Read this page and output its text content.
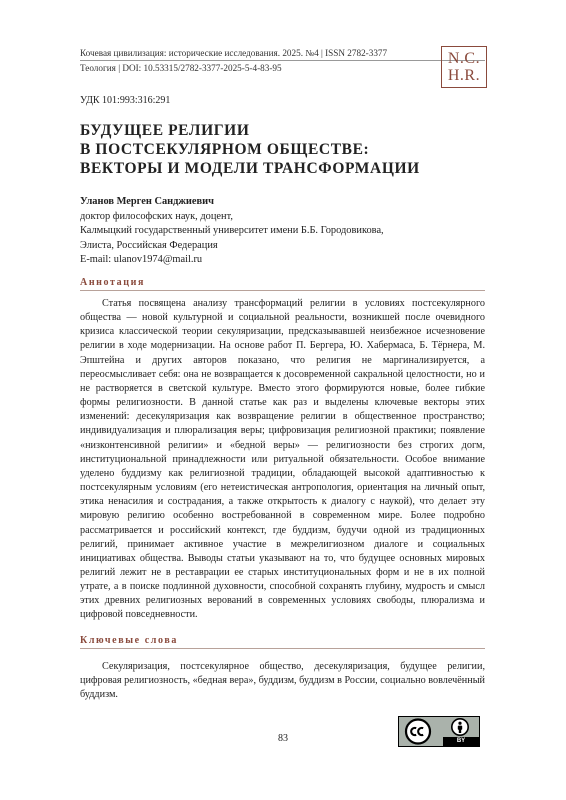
Кочевая цивилизация: исторические исследования. 2025. №4 | ISSN 2782-3377
Теология | DOI: 10.53315/2782-3377-2025-5-4-83-95
N.C.
H.R.
УДК 101:993:316:291
БУДУЩЕЕ РЕЛИГИИ
В ПОСТСЕКУЛЯРНОМ ОБЩЕСТВЕ:
ВЕКТОРЫ И МОДЕЛИ ТРАНСФОРМАЦИИ
Уланов Мерген Санджиевич
доктор философских наук, доцент,
Калмыцкий государственный университет имени Б.Б. Городовикова,
Элиста, Российская Федерация
E-mail: ulanov1974@mail.ru
Аннотация

Статья посвящена анализу трансформаций религии в условиях постсекулярного общества — новой культурной и социальной реальности, возникшей после очевидного кризиса классической теории секуляризации, предсказывавшей неизбежное исчезновение религии в ходе модернизации. На основе работ П. Бергера, Ю. Хабермаса, Б. Тёрнера, М. Эпштейна и других авторов показано, что религия не маргинализируется, а переосмысливает себя: она не возвращается к досовременной сакральной целостности, но и не растворяется в светской культуре. Вместо этого формируются новые, более гибкие формы религиозности. В данной статье как раз и выделены ключевые векторы этих изменений: десекуляризация как возвращение религии в общественное пространство; индивидуализация и плюрализация веры; цифровизация религиозной практики; появление «низконтенсивной религии» и «бедной веры» — религиозности без строгих догм, институциональной принадлежности или ритуальной обязательности. Особое внимание уделено буддизму как религиозной традиции, обладающей высокой адаптивностью к постсекулярным условиям (его нетеистическая антропология, ориентация на личный опыт, этика ненасилия и сострадания, а также открытость к диалогу с наукой), что делает эту мировую религию особенно востребованной в современном мире. Более подробно рассматривается и российский контекст, где буддизм, будучи одной из традиционных религий, принимает активное участие в межрелигиозном диалоге и социальных инициативах общества. Выводы статьи указывают на то, что будущее основных мировых религий лежит не в реставрации ее старых институциональных форм и не в их полной утрате, а в поиске подлинной духовности, способной сохранять глубину, мудрость и смысл этих древних религиозных верований в современных условиях свободы, плюрализма и цифровой повседневности.

Ключевые слова

Секуляризация, постсекулярное общество, десекуляризация, будущее религии, цифровая религиозность, «бедная вера», буддизм, буддизм в России, социально вовлечённый буддизм.

83	BY
